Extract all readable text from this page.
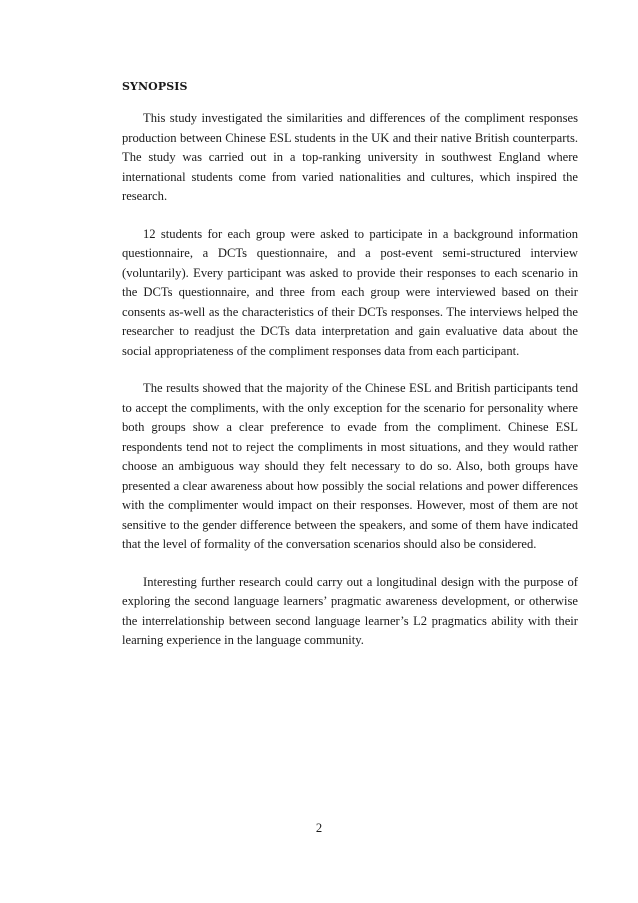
SYNOPSIS

This study investigated the similarities and differences of the compliment responses production between Chinese ESL students in the UK and their native British counterparts. The study was carried out in a top-ranking university in southwest England where international students come from varied nationalities and cultures, which inspired the research.

12 students for each group were asked to participate in a background information questionnaire, a DCTs questionnaire, and a post-event semi-structured interview (voluntarily). Every participant was asked to provide their responses to each scenario in the DCTs questionnaire, and three from each group were interviewed based on their consents as-well as the characteristics of their DCTs responses. The interviews helped the researcher to readjust the DCTs data interpretation and gain evaluative data about the social appropriateness of the compliment responses data from each participant.

The results showed that the majority of the Chinese ESL and British participants tend to accept the compliments, with the only exception for the scenario for personality where both groups show a clear preference to evade from the compliment. Chinese ESL respondents tend not to reject the compliments in most situations, and they would rather choose an ambiguous way should they felt necessary to do so. Also, both groups have presented a clear awareness about how possibly the social relations and power differences with the complimenter would impact on their responses. However, most of them are not sensitive to the gender difference between the speakers, and some of them have indicated that the level of formality of the conversation scenarios should also be considered.

Interesting further research could carry out a longitudinal design with the purpose of exploring the second language learners’ pragmatic awareness development, or otherwise the interrelationship between second language learner’s L2 pragmatics ability with their learning experience in the language community.

2
